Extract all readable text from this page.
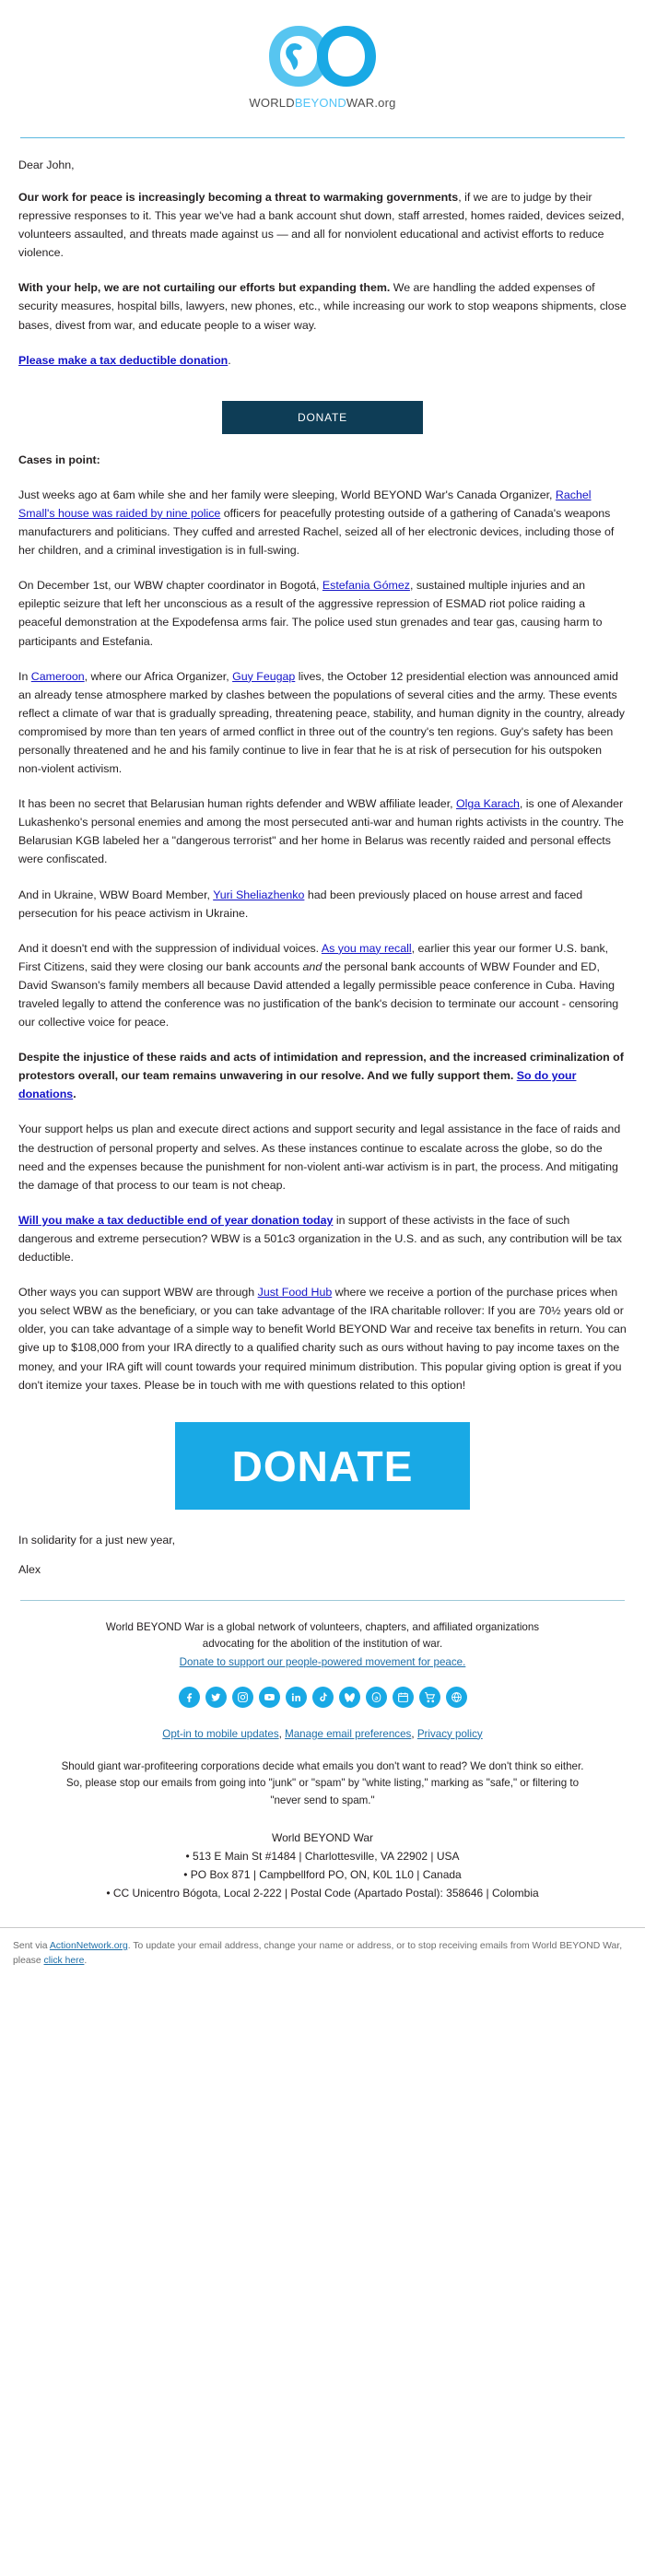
WORLDBEYONDWAR.org

Dear John,

Our work for peace is increasingly becoming a threat to warmaking governments, if we are to judge by their repressive responses to it. This year we've had a bank account shut down, staff arrested, homes raided, devices seized, volunteers assaulted, and threats made against us — and all for nonviolent educational and activist efforts to reduce violence.

With your help, we are not curtailing our efforts but expanding them. We are handling the added expenses of security measures, hospital bills, lawyers, new phones, etc., while increasing our work to stop weapons shipments, close bases, divest from war, and educate people to a wiser way.

Please make a tax deductible donation.

DONATE

Cases in point:

Just weeks ago at 6am while she and her family were sleeping, World BEYOND War's Canada Organizer, Rachel Small's house was raided by nine police officers for peacefully protesting outside of a gathering of Canada's weapons manufacturers and politicians. They cuffed and arrested Rachel, seized all of her electronic devices, including those of her children, and a criminal investigation is in full-swing.

On December 1st, our WBW chapter coordinator in Bogotá, Estefania Gómez, sustained multiple injuries and an epileptic seizure that left her unconscious as a result of the aggressive repression of ESMAD riot police raiding a peaceful demonstration at the Expodefensa arms fair. The police used stun grenades and tear gas, causing harm to participants and Estefania.

In Cameroon, where our Africa Organizer, Guy Feugap lives, the October 12 presidential election was announced amid an already tense atmosphere marked by clashes between the populations of several cities and the army. These events reflect a climate of war that is gradually spreading, threatening peace, stability, and human dignity in the country, already compromised by more than ten years of armed conflict in three out of the country's ten regions. Guy's safety has been personally threatened and he and his family continue to live in fear that he is at risk of persecution for his outspoken non-violent activism.

It has been no secret that Belarusian human rights defender and WBW affiliate leader, Olga Karach, is one of Alexander Lukashenko's personal enemies and among the most persecuted anti-war and human rights activists in the country. The Belarusian KGB labeled her a "dangerous terrorist" and her home in Belarus was recently raided and personal effects were confiscated.

And in Ukraine, WBW Board Member, Yuri Sheliazhenko had been previously placed on house arrest and faced persecution for his peace activism in Ukraine.

And it doesn't end with the suppression of individual voices. As you may recall, earlier this year our former U.S. bank, First Citizens, said they were closing our bank accounts and the personal bank accounts of WBW Founder and ED, David Swanson's family members all because David attended a legally permissible peace conference in Cuba. Having traveled legally to attend the conference was no justification of the bank's decision to terminate our account - censoring our collective voice for peace.

Despite the injustice of these raids and acts of intimidation and repression, and the increased criminalization of protestors overall, our team remains unwavering in our resolve. And we fully support them. So do your donations.

Your support helps us plan and execute direct actions and support security and legal assistance in the face of raids and the destruction of personal property and selves. As these instances continue to escalate across the globe, so do the need and the expenses because the punishment for non-violent anti-war activism is in part, the process. And mitigating the damage of that process to our team is not cheap.

Will you make a tax deductible end of year donation today in support of these activists in the face of such dangerous and extreme persecution? WBW is a 501c3 organization in the U.S. and as such, any contribution will be tax deductible.

Other ways you can support WBW are through Just Food Hub where we receive a portion of the purchase prices when you select WBW as the beneficiary, or you can take advantage of the IRA charitable rollover: If you are 70½ years old or older, you can take advantage of a simple way to benefit World BEYOND War and receive tax benefits in return. You can give up to $108,000 from your IRA directly to a qualified charity such as ours without having to pay income taxes on the money, and your IRA gift will count towards your required minimum distribution. This popular giving option is great if you don't itemize your taxes. Please be in touch with me with questions related to this option!

DONATE

In solidarity for a just new year,

Alex

World BEYOND War is a global network of volunteers, chapters, and affiliated organizations

advocating for the abolition of the institution of war.

Donate to support our people-powered movement for peace.

Opt-in to mobile updates, Manage email preferences, Privacy policy

Should giant war-profiteering corporations decide what emails you don't want to read? We don't think so either. So, please stop our emails from going into "junk" or "spam" by "white listing," marking as "safe," or filtering to "never send to spam."

World BEYOND War

• 513 E Main St #1484 | Charlottesville, VA 22902 | USA

• PO Box 871 | Campbellford PO, ON, K0L 1L0 | Canada

• CC Unicentro Bógota, Local 2-222 | Postal Code (Apartado Postal): 358646 | Colombia

Sent via ActionNetwork.org. To update your email address, change your name or address, or to stop receiving emails from World BEYOND War, please click here.
